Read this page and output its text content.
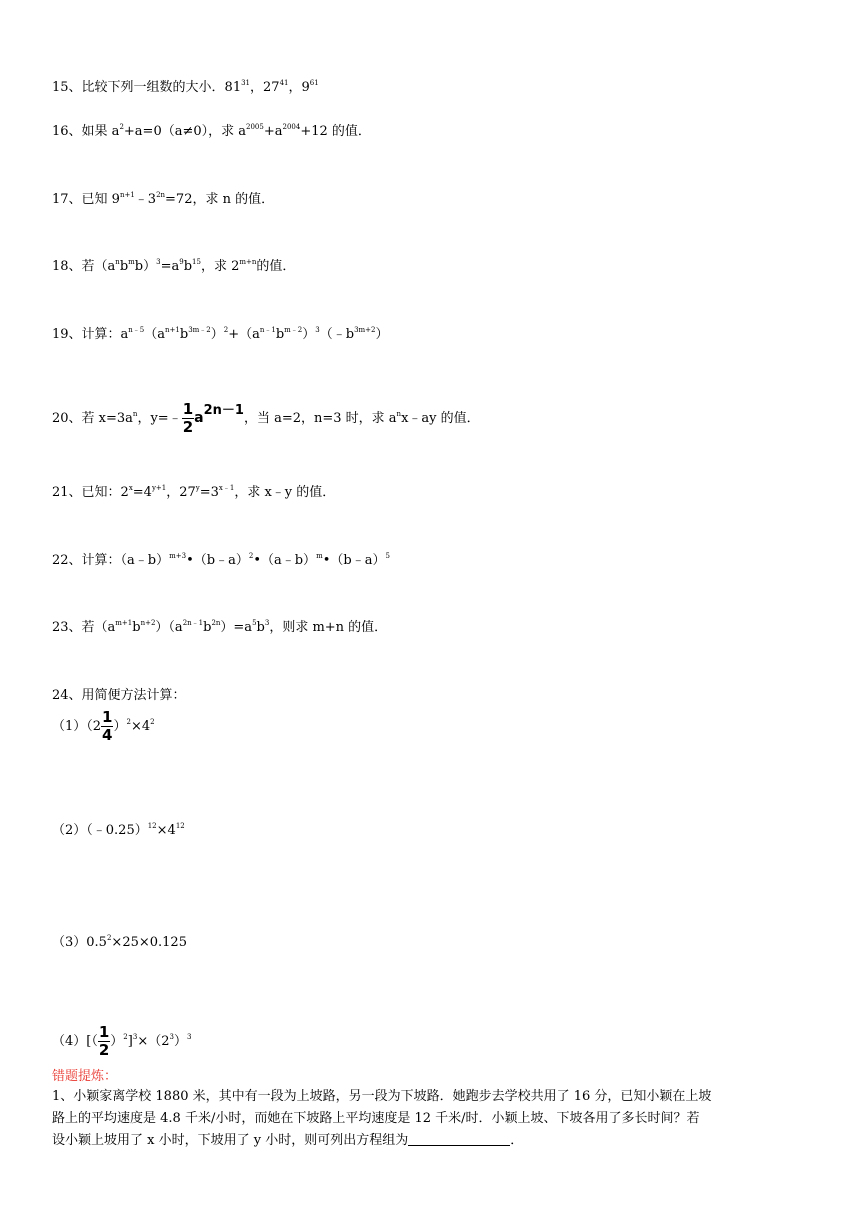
15、比较下列一组数的大小．$81^{31}$，$27^{41}$，$9^{61}$
16、如果 $a^2+a=0(a\ne 0)$，求 $a^{2005}+a^{2004}+12$ 的值．
17、已知 $9^{n+1}﹣3^{2n}=72$，求 n 的值．
18、若$(a^nb^mb)^3=a^9b^{15}$，求 $2^{m+n}$的值．
19、计算：$a^{n﹣5}(a^{n+1}b^{3m﹣2})^2+(a^{n﹣1}b^{m﹣2})^3(﹣b^{3m+2})$
20、若 $x=3a^n$，y=﹣ $\frac{1}{2} a2n-1$，当 a=2，n=3 时，求 $a^nx﹣ay$ 的值．
21、已知：$2^x=4^{y+1}$，$27^y=3^{x﹣1}$，求 x﹣y 的值．
22、计算：（a﹣b）$^{m+3}$•（b﹣a）$^2$•（a﹣b）$^m$•（b﹣a）$^5$
23、若$(a^{m+1}b^{n+2})(a^{2n﹣1}b^{2n})=a^5b^3$，则求 m+n 的值．
24、用简便方法计算：
$(1)(2 \frac{1}{4} )^2\times 4^2$
$(2)(﹣0.25)^{12}\times 4^{12}$
$(3)0.5^2\times 25\times 0.125$
$(4)[( \frac{1}{2} )^2]^3\times(2^3)^3$
错题提炼：
1、小颖家离学校 1880 米，其中有一段为上坡路，另一段为下坡路．她跑步去学校共用了 16 分，已知小颖在上坡
路上的平均速度是 4.8 千米/小时，而她在下坡路上平均速度是 12 千米/时．小颖上坡、下坡各用了多长时间？若
设小颖上坡用了 x 小时，下坡用了 y 小时，则可列出方程组为	．
